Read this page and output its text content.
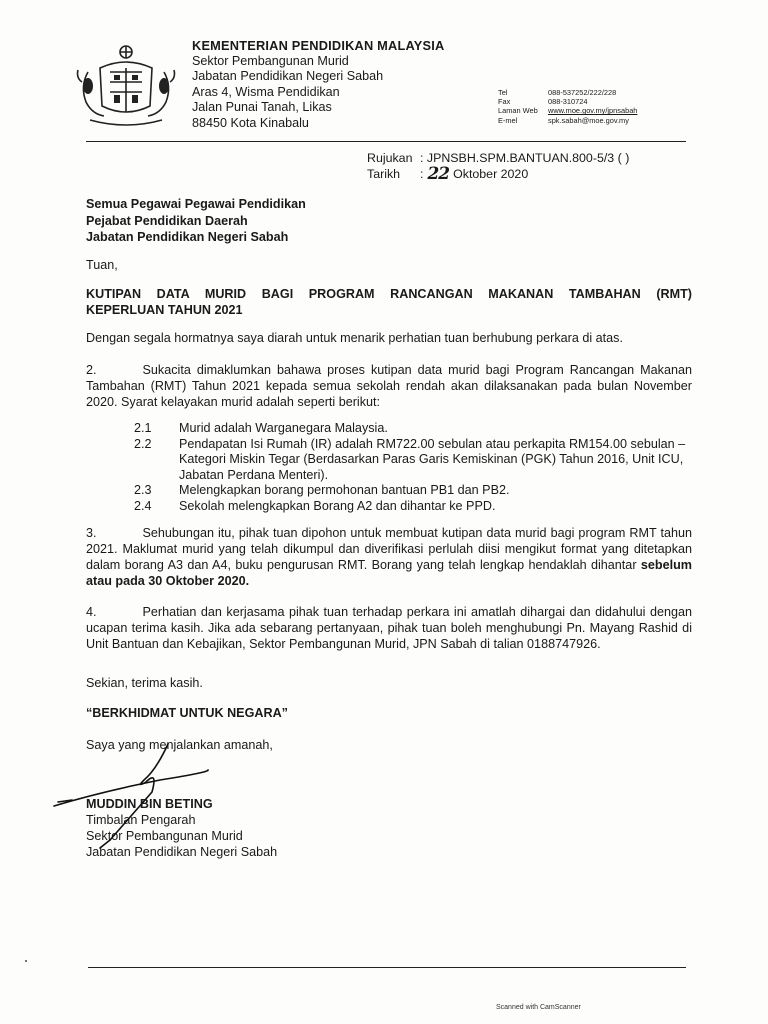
KEMENTERIAN PENDIDIKAN MALAYSIA
Sektor Pembangunan Murid
Jabatan Pendidikan Negeri Sabah
Aras 4, Wisma Pendidikan
Jalan Punai Tanah, Likas
88450 Kota Kinabalu
Tel	088-537252/222/228
Fax	088-310724
Laman Web	www.moe.gov.my/jpnsabah
E-mel	spk.sabah@moe.gov.my
Rujukan : JPNSBH.SPM.BANTUAN.800-5/3 ( )
Tarikh	: 22 Oktober 2020
Semua Pegawai Pegawai Pendidikan
Pejabat Pendidikan Daerah
Jabatan Pendidikan Negeri Sabah
Tuan,
KUTIPAN DATA MURID BAGI PROGRAM RANCANGAN MAKANAN TAMBAHAN (RMT)
KEPERLUAN TAHUN 2021
Dengan segala hormatnya saya diarah untuk menarik perhatian tuan berhubung perkara di atas.
2.	Sukacita dimaklumkan bahawa proses kutipan data murid bagi Program Rancangan Makanan Tambahan (RMT) Tahun 2021 kepada semua sekolah rendah akan dilaksanakan pada bulan November 2020. Syarat kelayakan murid adalah seperti berikut:
2.1	Murid adalah Warganegara Malaysia.
2.2	Pendapatan Isi Rumah (IR) adalah RM722.00 sebulan atau perkapita RM154.00 sebulan – Kategori Miskin Tegar (Berdasarkan Paras Garis Kemiskinan (PGK) Tahun 2016, Unit ICU, Jabatan Perdana Menteri).
2.3	Melengkapkan borang permohonan bantuan PB1 dan PB2.
2.4	Sekolah melengkapkan Borang A2 dan dihantar ke PPD.
3.	Sehubungan itu, pihak tuan dipohon untuk membuat kutipan data murid bagi program RMT tahun 2021. Maklumat murid yang telah dikumpul dan diverifikasi perlulah diisi mengikut format yang ditetapkan dalam borang A3 dan A4, buku pengurusan RMT. Borang yang telah lengkap hendaklah dihantar sebelum atau pada 30 Oktober 2020.
4.	Perhatian dan kerjasama pihak tuan terhadap perkara ini amatlah dihargai dan didahului dengan ucapan terima kasih. Jika ada sebarang pertanyaan, pihak tuan boleh menghubungi Pn. Mayang Rashid di Unit Bantuan dan Kebajikan, Sektor Pembangunan Murid, JPN Sabah di talian 0188747926.
Sekian, terima kasih.
“BERKHIDMAT UNTUK NEGARA”
Saya yang menjalankan amanah,
MUDDIN BIN BETING
Timbalan Pengarah
Sektor Pembangunan Murid
Jabatan Pendidikan Negeri Sabah
Scanned with CamScanner
